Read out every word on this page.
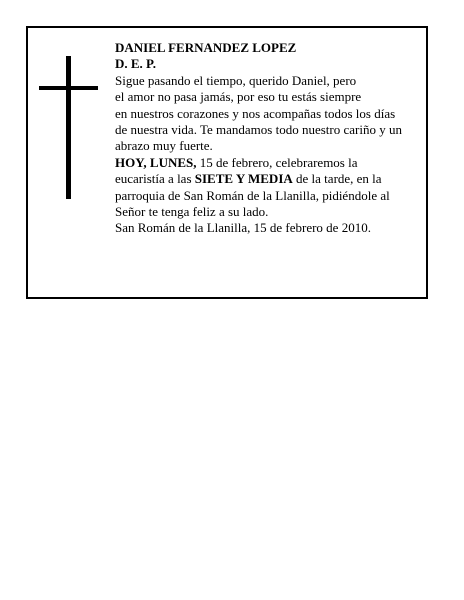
DANIEL FERNANDEZ LOPEZ
D. E. P.
Sigue pasando el tiempo, querido Daniel, pero
el amor no pasa jamás, por eso tu estás siempre
en nuestros corazones y nos acompañas todos los días
de nuestra vida. Te mandamos todo nuestro cariño y un
abrazo muy fuerte.
HOY, LUNES, 15 de febrero, celebraremos la
eucaristía a las SIETE Y MEDIA de la tarde, en la
parroquia de San Román de la Llanilla, pidiéndole al
Señor te tenga feliz a su lado.
San Román de la Llanilla, 15 de febrero de 2010.
